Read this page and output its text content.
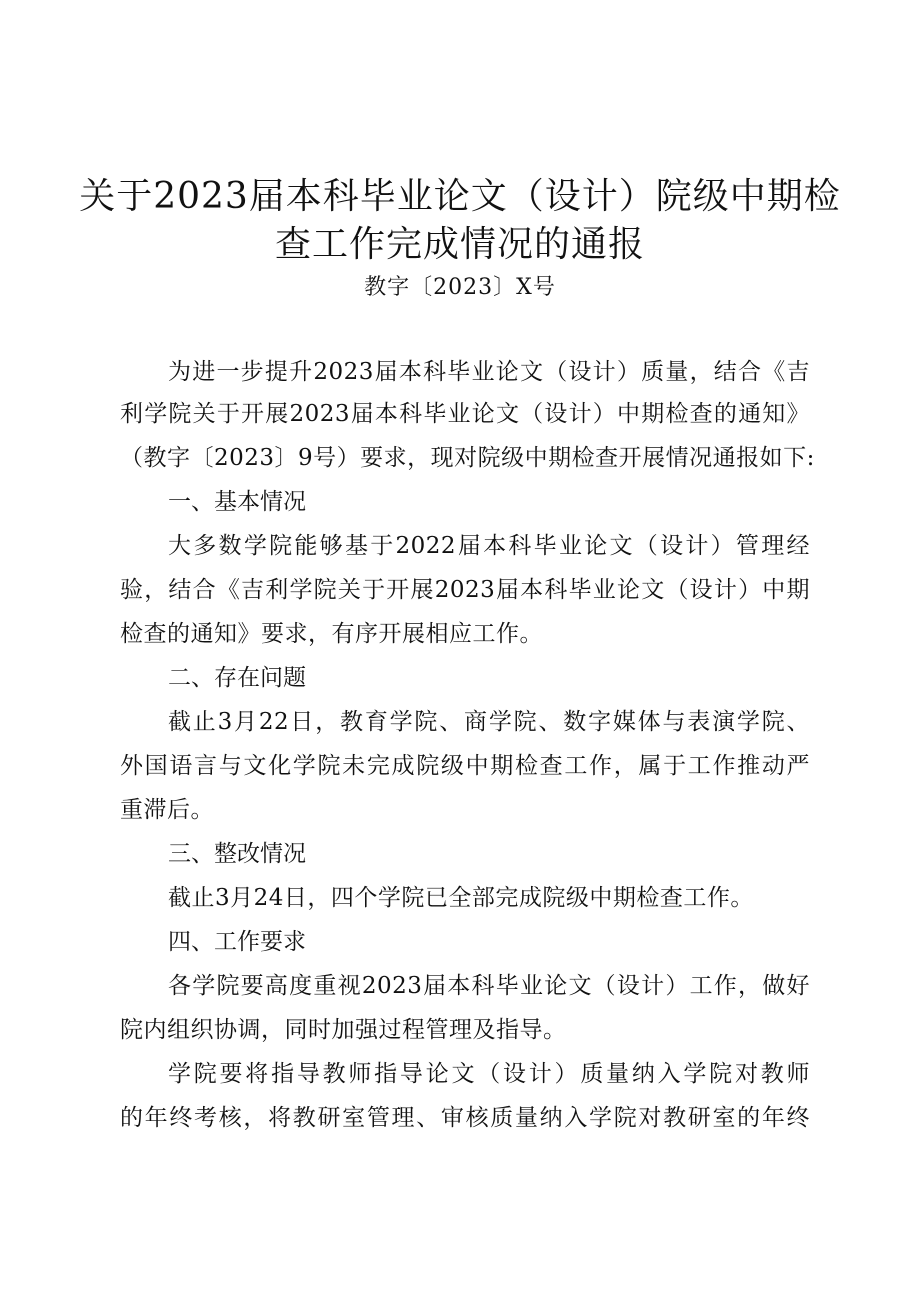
关于2023届本科毕业论文（设计）院级中期检
查工作完成情况的通报
教字〔2023〕X号
为进一步提升2023届本科毕业论文（设计）质量，结合《吉
利学院关于开展2023届本科毕业论文（设计）中期检查的通知》
（教字〔2023〕9号）要求，现对院级中期检查开展情况通报如下:
一、基本情况
大多数学院能够基于2022届本科毕业论文（设计）管理经
验，结合《吉利学院关于开展2023届本科毕业论文（设计）中期
检查的通知》要求，有序开展相应工作。
二、存在问题
截止3月22日，教育学院、商学院、数字媒体与表演学院、
外国语言与文化学院未完成院级中期检查工作，属于工作推动严
重滞后。
三、整改情况
截止3月24日，四个学院已全部完成院级中期检查工作。
四、工作要求
各学院要高度重视2023届本科毕业论文（设计）工作，做好
院内组织协调，同时加强过程管理及指导。
学院要将指导教师指导论文（设计）质量纳入学院对教师
的年终考核，将教研室管理、审核质量纳入学院对教研室的年终
